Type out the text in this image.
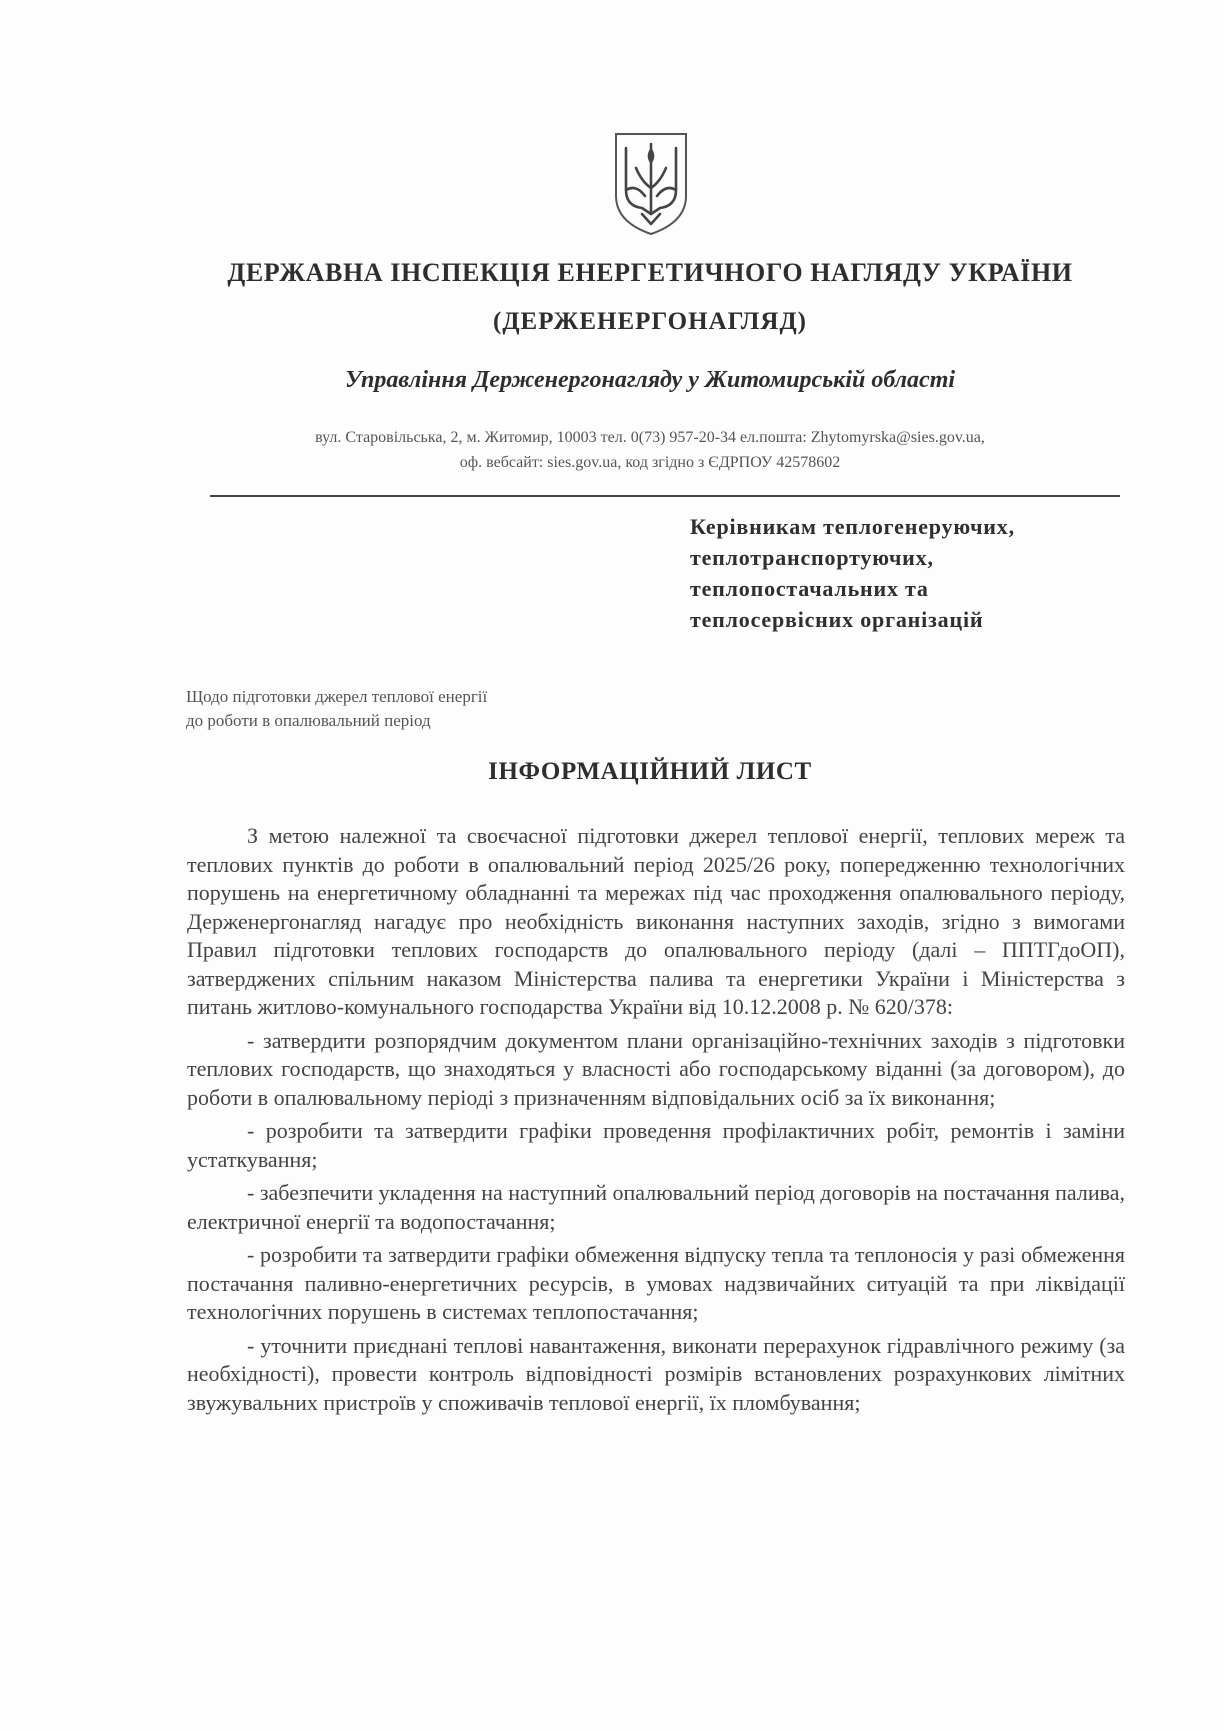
ДЕРЖАВНА ІНСПЕКЦІЯ ЕНЕРГЕТИЧНОГО НАГЛЯДУ УКРАЇНИ
(ДЕРЖЕНЕРГОНАГЛЯД)
Управління Держенергонагляду у Житомирській області
вул. Старовільська, 2, м. Житомир, 10003 тел. 0(73) 957-20-34 ел.пошта: Zhytomyrska@sies.gov.ua,
оф. вебсайт: sies.gov.ua, код згідно з ЄДРПОУ 42578602
Керівникам теплогенеруючих,
теплотранспортуючих,
теплопостачальних та
теплосервісних організацій
Щодо підготовки джерел теплової енергії
до роботи в опалювальний період
ІНФОРМАЦІЙНИЙ ЛИСТ

З метою належної та своєчасної підготовки джерел теплової енергії, теплових мереж та теплових пунктів до роботи в опалювальний період 2025/26 року, попередженню технологічних порушень на енергетичному обладнанні та мережах під час проходження опалювального періоду, Держенергонагляд нагадує про необхідність виконання наступних заходів, згідно з вимогами Правил підготовки теплових господарств до опалювального періоду (далі – ППТГдоОП), затверджених спільним наказом Міністерства палива та енергетики України і Міністерства з питань житлово-комунального господарства України від 10.12.2008 р. № 620/378:

- затвердити розпорядчим документом плани організаційно-технічних заходів з підготовки теплових господарств, що знаходяться у власності або господарському віданні (за договором), до роботи в опалювальному періоді з призначенням відповідальних осіб за їх виконання;

- розробити та затвердити графіки проведення профілактичних робіт, ремонтів і заміни устаткування;

- забезпечити укладення на наступний опалювальний період договорів на постачання палива, електричної енергії та водопостачання;

- розробити та затвердити графіки обмеження відпуску тепла та теплоносія у разі обмеження постачання паливно-енергетичних ресурсів, в умовах надзвичайних ситуацій та при ліквідації технологічних порушень в системах теплопостачання;

- уточнити приєднані теплові навантаження, виконати перерахунок гідравлічного режиму (за необхідності), провести контроль відповідності розмірів встановлених розрахункових лімітних звужувальних пристроїв у споживачів теплової енергії, їх пломбування;
